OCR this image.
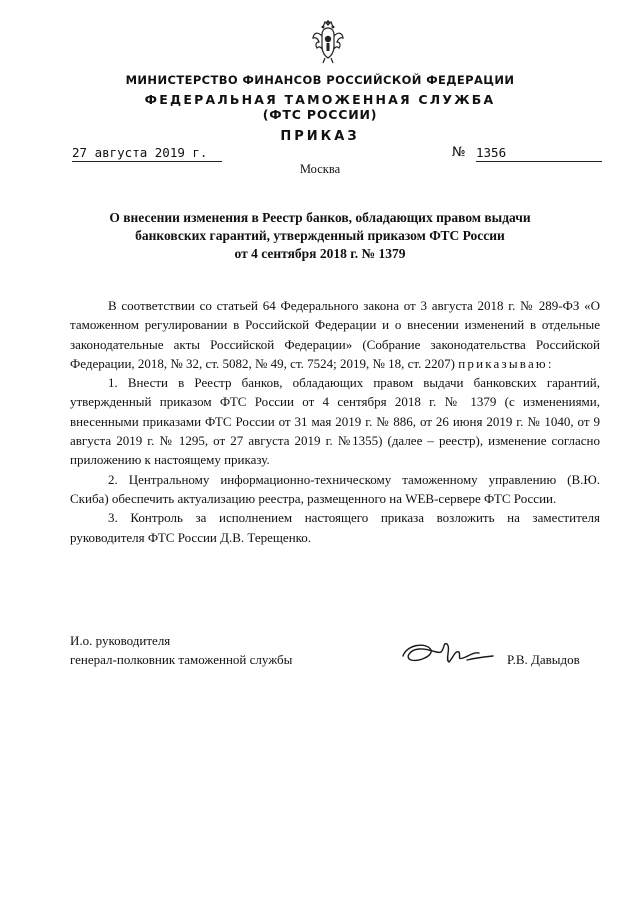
МИНИСТЕРСТВО ФИНАНСОВ РОССИЙСКОЙ ФЕДЕРАЦИИ
ФЕДЕРАЛЬНАЯ ТАМОЖЕННАЯ СЛУЖБА
(ФТС РОССИИ)
ПРИКАЗ
27 августа 2019 г.	№ 1356
Москва
О внесении изменения в Реестр банков, обладающих правом выдачи
банковских гарантий, утвержденный приказом ФТС России
от 4 сентября 2018 г. № 1379

В соответствии со статьей 64 Федерального закона от 3 августа 2018 г. № 289-ФЗ «О таможенном регулировании в Российской Федерации и о внесении изменений в отдельные законодательные акты Российской Федерации» (Собрание законодательства Российской Федерации, 2018, № 32, ст. 5082, № 49, ст. 7524; 2019, № 18, ст. 2207) приказываю:

1. Внести в Реестр банков, обладающих правом выдачи банковских гарантий, утвержденный приказом ФТС России от 4 сентября 2018 г. № 1379 (с изменениями, внесенными приказами ФТС России от 31 мая 2019 г. № 886, от 26 июня 2019 г. № 1040, от 9 августа 2019 г. № 1295, от 27 августа 2019 г. №1355) (далее – реестр), изменение согласно приложению к настоящему приказу.

2. Центральному информационно-техническому таможенному управлению (В.Ю. Скиба) обеспечить актуализацию реестра, размещенного на WEB-сервере ФТС России.

3. Контроль за исполнением настоящего приказа возложить на заместителя руководителя ФТС России Д.В. Терещенко.

И.о. руководителя
генерал-полковник таможенной службы	Р.В. Давыдов
